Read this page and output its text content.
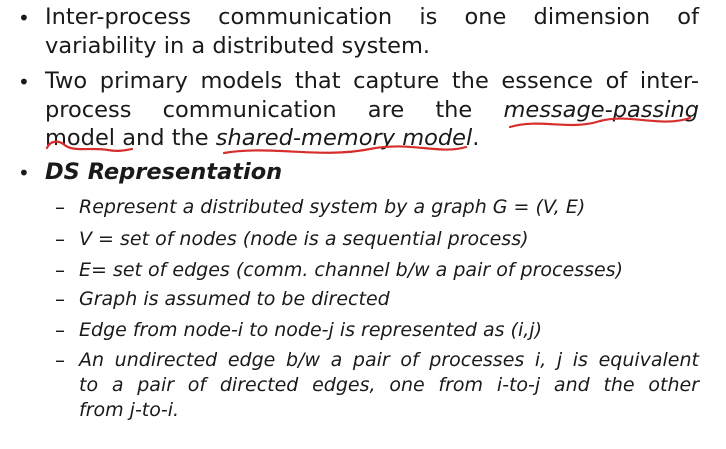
• Inter-process communication is one dimension of
variability in a distributed system.
• Two primary models that capture the essence of inter-
process communication are the message-passing
model and the shared-memory model.
• DS Representation
– Represent a distributed system by a graph G = (V, E)
– V = set of nodes (node is a sequential process)
– E= set of edges (comm. channel b/w a pair of processes)
– Graph is assumed to be directed
– Edge from node-i to node-j is represented as (i,j)
– An undirected edge b/w a pair of processes i, j is equivalent
to a pair of directed edges, one from i-to-j and the other
from j-to-i.
